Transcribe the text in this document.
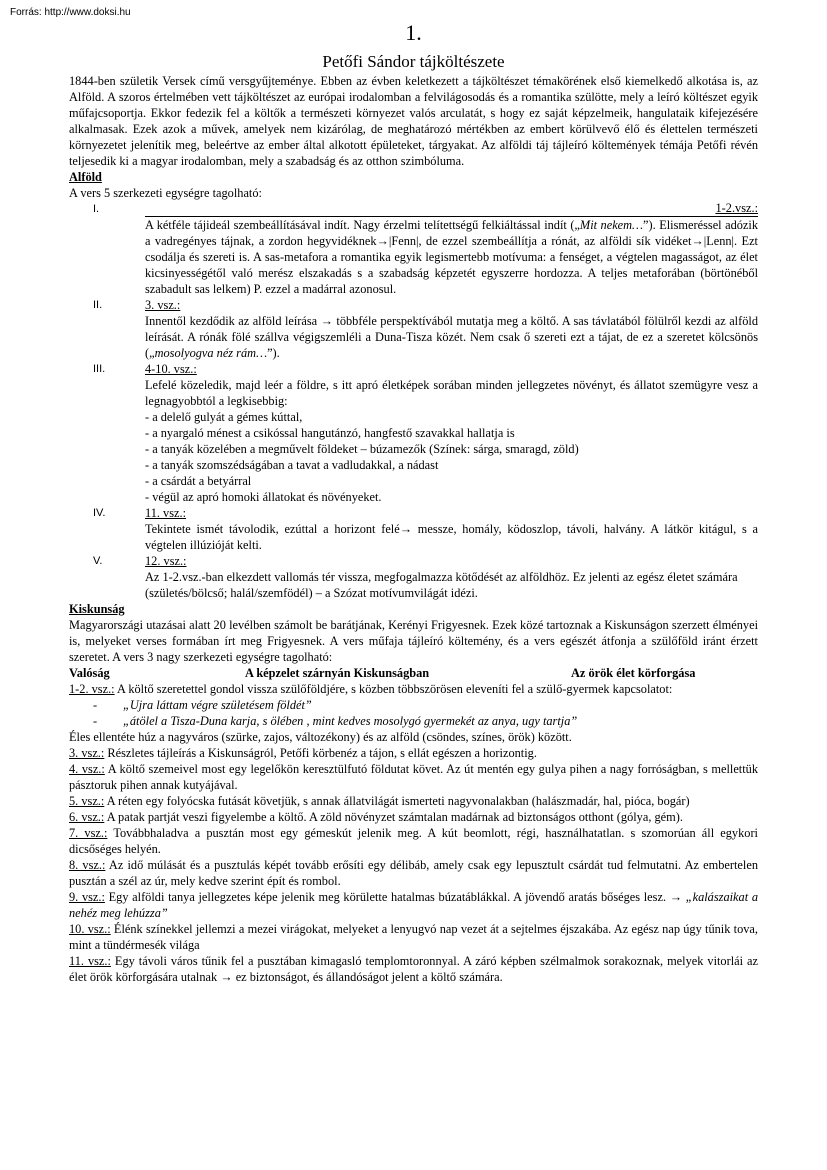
Forrás: http://www.doksi.hu
1.
Petőfi Sándor tájköltészete

1844-ben születik Versek című versgyűjteménye. Ebben az évben keletkezett a tájköltészet témakörének első kiemelkedő alkotása is, az Alföld. A szoros értelmében vett tájköltészet az európai irodalomban a felvilágosodás és a romantika szülötte, mely a leíró költészet egyik műfajcsoportja. Ekkor fedezik fel a költők a természeti környezet valós arculatát, s hogy ez saját képzelmeik, hangulataik kifejezésére alkalmasak. Ezek azok a művek, amelyek nem kizárólag, de meghatározó mértékben az embert körülvevő élő és élettelen természeti környezetet jelenítik meg, beleértve az ember által alkotott épületeket, tárgyakat. Az alföldi táj tájleíró költemények témája Petőfi révén teljesedik ki a magyar irodalomban, mely a szabadság és az otthon szimbóluma.

Alföld

A vers 5 szerkezeti egységre tagolható:

I.	1-2.vsz.:

A kétféle tájideál szembeállításával indít. Nagy érzelmi telítettségű felkiáltással indít („Mit nekem…”). Elismeréssel adózik a vadregényes tájnak, a zordon hegyvidéknek→|Fenn|, de ezzel szembeállítja a rónát, az alföldi sík vidéket→|Lenn|. Ezt csodálja és szereti is. A sas-metafora a romantika egyik legismertebb motívuma: a fenséget, a végtelen magasságot, az élet kicsinyességétől való merész elszakadás s a szabadság képzetét egyszerre hordozza. A teljes metaforában (börtönéből szabadult sas lelkem) P. ezzel a madárral azonosul.

II.	3. vsz.:

Innentől kezdődik az alföld leírása → többféle perspektívából mutatja meg a költő. A sas távlatából fölülről kezdi az alföld leírását. A rónák fölé szállva végigszemléli a Duna-Tisza közét. Nem csak ő szereti ezt a tájat, de ez a szeretet kölcsönös („mosolyogva néz rám…”).

III.	4-10. vsz.:

Lefelé közeledik, majd leér a földre, s itt apró életképek sorában minden jellegzetes növényt, és állatot szemügyre vesz a legnagyobbtól a legkisebbig:

- a delelő gulyát a gémes kúttal,
- a nyargaló ménest a csikóssal hangutánzó, hangfestő szavakkal hallatja is
- a tanyák közelében a megművelt földeket – búzamezők (Színek: sárga, smaragd, zöld)
- a tanyák szomszédságában a tavat a vadludakkal, a nádast
- a csárdát a betyárral
- végül az apró homoki állatokat és növényeket.
IV.	11. vsz.:

Tekintete ismét távolodik, ezúttal a horizont felé→ messze, homály, ködoszlop, távoli, halvány. A látkör kitágul, s a végtelen illúzióját kelti.

V.	12. vsz.:

Az 1-2.vsz.-ban elkezdett vallomás tér vissza, megfogalmazza kötődését az alföldhöz. Ez jelenti az egész életet számára (születés/bölcső; halál/szemfödél) – a Szózat motívumvilágát idézi.

Kiskunság

Magyarországi utazásai alatt 20 levélben számolt be barátjának, Kerényi Frigyesnek. Ezek közé tartoznak a Kiskunságon szerzett élményei is, melyeket verses formában írt meg Frigyesnek. A vers műfaja tájleíró költemény, és a vers egészét átfonja a szülőföld iránt érzett szeretet. A vers 3 nagy szerkezeti egységre tagolható:

Valóság	A képzelet szárnyán Kiskunságban	Az örök élet körforgása

1-2. vsz.: A költő szeretettel gondol vissza szülőföldjére, s közben többszörösen eleveníti fel a szülő-gyermek kapcsolatot:

-	„Ujra láttam végre születésem földét”
-	„átölel a Tisza-Duna karja, s ölében , mint kedves mosolygó gyermekét az anya, ugy tartja”

Éles ellentéte húz a nagyváros (szürke, zajos, változékony) és az alföld (csöndes, színes, örök) között.

3. vsz.: Részletes tájleírás a Kiskunságról, Petőfi körbenéz a tájon, s ellát egészen a horizontig.

4. vsz.: A költő szemeivel most egy legelőkön keresztülfutó földutat követ. Az út mentén egy gulya pihen a nagy forróságban, s mellettük pásztoruk pihen annak kutyájával.

5. vsz.: A réten egy folyócska futását követjük, s annak állatvilágát ismerteti nagyvonalakban (halászmadár, hal, pióca, bogár)

6. vsz.: A patak partját veszi figyelembe a költő. A zöld növényzet számtalan madárnak ad biztonságos otthont (gólya, gém).

7. vsz.: Továbbhaladva a pusztán most egy gémeskút jelenik meg. A kút beomlott, régi, használhatatlan. s szomorúan áll egykori dicsőséges helyén.

8. vsz.: Az idő múlását és a pusztulás képét tovább erősíti egy délibáb, amely csak egy lepusztult csárdát tud felmutatni. Az embertelen pusztán a szél az úr, mely kedve szerint épít és rombol.

9. vsz.: Egy alföldi tanya jellegzetes képe jelenik meg körülette hatalmas búzatáblákkal. A jövendő aratás bőséges lesz. → „kalászaikat a nehéz meg lehúzza”

10. vsz.: Élénk színekkel jellemzi a mezei virágokat, melyeket a lenyugvó nap vezet át a sejtelmes éjszakába. Az egész nap úgy tűnik tova, mint a tündérmesék világa

11. vsz.: Egy távoli város tűnik fel a pusztában kimagasló templomtoronnyal. A záró képben szélmalmok sorakoznak, melyek vitorlái az élet örök körforgására utalnak → ez biztonságot, és állandóságot jelent a költő számára.
